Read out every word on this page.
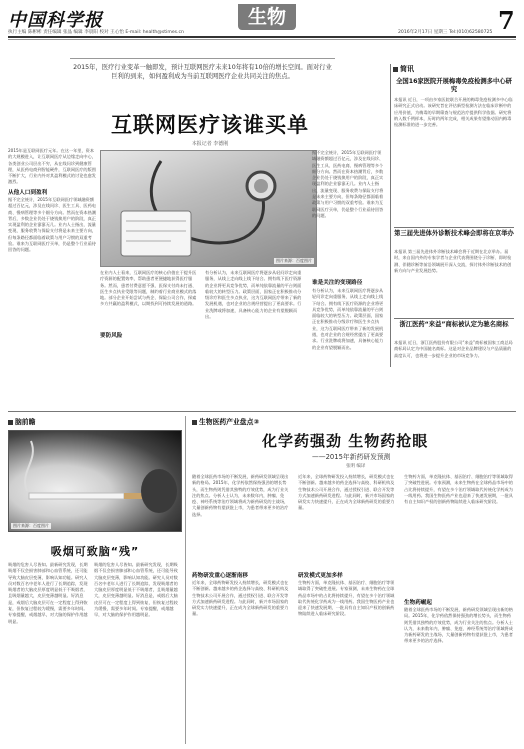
中国科学报	生物	7
执行主编 陈彬彬 责任编辑 张晶 编辑 李晨阳 校对 王心怡 E-mail: health@stimes.cn	2016年2月17日 星期三 Tel:(010)62580725
2015年，医疗行业变革一触即发，预计互联网医疗未来10年将有10倍的增长空间。面对行业巨利的到来，如何盈利成为当前互联网医疗企业共同关注的焦点。
互联网医疗该谁买单
本报记者 李德刚
图片来源：百度图片
2015年是互联网医疗元年。在这一年里，资本的大规模进入，让互联网医疗从边缘走向中心，各类创业公司层出不穷，从在线问诊到健康管理，从医药电商到智能硬件，互联网医疗的版图不断扩大，行业内外对其盈利模式的讨论也愈发激烈。
从他人口到盈利
据不完全统计，2015年互联网医疗领域融资额超过百亿元，涉及在线问诊、医生工具、医药电商、慢病管理等多个细分方向。然而在资本热潮背后，多数企业仍处于烧钱换用户的阶段，真正实现盈利的企业寥寥无几。业内人士指出，流量变现、服务收费与保险支付将是未来主要方向，但每条路径都面临着政策与用户习惯的双重考验。谁来为互联网医疗买单，仍是整个行业亟待回答的问题。
在业内人士看来，互联网医疗的核心价值在于提升医疗资源的配置效率，帮助患者更便捷地获得医疗服务。然而，患者付费意愿不强、医保支付尚未打通、医生多点执业受限等问题，制约着行业商业模式的落地。部分企业开始尝试与药企、保险公司合作，探索多方共赢的盈利模式，以期找到可持续发展的道路。
要防风险
有分析认为，未来互联网医疗将逐步从轻问诊走向重服务，从线上走向线上线下结合。拥有线下医疗资源的企业将更具竞争优势，而单纯依靠流量的平台则面临较大的转型压力。政策层面，国家正在积极推动分级诊疗和医生多点执业，这为互联网医疗带来了新的发展机遇，也对企业的合规经营提出了更高要求。行业洗牌或将加速，具备核心能力的企业有望脱颖而出。
谁是关注的变现路径
据不完全统计，2015年互联网医疗领域融资额超过百亿元，涉及在线问诊、医生工具、医药电商、慢病管理等多个细分方向。然而在资本热潮背后，多数企业仍处于烧钱换用户的阶段，真正实现盈利的企业寥寥无几。业内人士指出，流量变现、服务收费与保险支付将是未来主要方向，但每条路径都面临着政策与用户习惯的双重考验。谁来为互联网医疗买单，仍是整个行业亟待回答的问题。
有分析认为，未来互联网医疗将逐步从轻问诊走向重服务，从线上走向线上线下结合。拥有线下医疗资源的企业将更具竞争优势，而单纯依靠流量的平台则面临较大的转型压力。政策层面，国家正在积极推动分级诊疗和医生多点执业，这为互联网医疗带来了新的发展机遇，也对企业的合规经营提出了更高要求。行业洗牌或将加速，具备核心能力的企业有望脱颖而出。
简讯
全国16家医院开展梅毒免疫检测多中心研究
本报讯 近日，一项由多家医院联合开展的梅毒免疫检测多中心临床研究正式启动。该研究旨在评估新型检测方法在临床诊断中的应用价值，为梅毒的早期筛查与规范治疗提供科学依据。研究将纳入数千例样本，历时约两年完成，相关成果有望推动国内梅毒检测标准的进一步完善。
第三届先进体外诊断技术峰会即将在京举办
本报讯 第三届先进体外诊断技术峰会将于近期在北京举办。届时，来自国内外的专家学者与企业代表将围绕分子诊断、即时检测、伴随诊断等前沿领域展开深入交流，探讨体外诊断技术的创新方向与产业发展趋势。
浙江医药“来益”商标被认定为驰名商标
本报讯 近日，浙江医药股份有限公司“来益”商标被国家工商总局商标局认定为中国驰名商标。这是对企业品牌建设与产品质量的高度认可，也将进一步提升企业的市场竞争力。
脑前瞻
图片来源：百度图片
吸烟可致脑“残”
吸烟的危害人尽皆知。最新研究发现，长期吸烟不仅会损害肺部和心血管系统，还可能导致大脑皮层变薄，影响认知功能。研究人员对数百名中老年人进行了长期追踪，发现吸烟者的大脑皮层厚度明显低于不吸烟者，且吸烟量越大，皮层变薄越明显。好消息是，戒烟后大脑皮层可在一定程度上得到恢复，但恢复过程较为缓慢，需要多年时间。专家提醒，戒烟越早，对大脑的保护作用越明显。
吸烟的危害人尽皆知。最新研究发现，长期吸烟不仅会损害肺部和心血管系统，还可能导致大脑皮层变薄，影响认知功能。研究人员对数百名中老年人进行了长期追踪，发现吸烟者的大脑皮层厚度明显低于不吸烟者，且吸烟量越大，皮层变薄越明显。好消息是，戒烟后大脑皮层可在一定程度上得到恢复，但恢复过程较为缓慢，需要多年时间。专家提醒，戒烟越早，对大脑的保护作用越明显。
生物医药产业盘点③
化学药强劲 生物药抢眼
——2015年新药研发预测
张明 编译
随着全球医药市场的不断发展，新药研发领域呈现出新的格局。2015年，化学药依然保持强劲的增长势头，而生物药则凭借其独特的疗效优势，成为行业关注的焦点。分析人士认为，未来数年内，肿瘤、免疫、神经系统等治疗领域将成为新药研发的主战场，大量创新药物有望获批上市，为患者带来更多的治疗选择。
药物研发重心逐渐南移
近年来，全球药物研发投入持续增长，研发模式也在不断创新。越来越多的药企选择与高校、科研机构及生物技术公司开展合作，通过授权引进、联合开发等方式加速新药研发进程。与此同时，新兴市场国家的研发实力快速提升，正在成为全球新药研发的重要力量。
近年来，全球药物研发投入持续增长，研发模式也在不断创新。越来越多的药企选择与高校、科研机构及生物技术公司开展合作，通过授权引进、联合开发等方式加速新药研发进程。与此同时，新兴市场国家的研发实力快速提升，正在成为全球新药研发的重要力量。
研发模式更加多样
生物药方面，单克隆抗体、基因治疗、细胞治疗等领域取得了突破性进展。专家预测，未来生物药在全球药品市场中的占比将持续提升，有望在多个治疗领域取代传统化学药成为一线用药。我国生物医药产业也迎来了快速发展期，一批具有自主知识产权的创新药物陆续进入临床研究阶段。
生物药方面，单克隆抗体、基因治疗、细胞治疗等领域取得了突破性进展。专家预测，未来生物药在全球药品市场中的占比将持续提升，有望在多个治疗领域取代传统化学药成为一线用药。我国生物医药产业也迎来了快速发展期，一批具有自主知识产权的创新药物陆续进入临床研究阶段。
生物药崛起
随着全球医药市场的不断发展，新药研发领域呈现出新的格局。2015年，化学药依然保持强劲的增长势头，而生物药则凭借其独特的疗效优势，成为行业关注的焦点。分析人士认为，未来数年内，肿瘤、免疫、神经系统等治疗领域将成为新药研发的主战场，大量创新药物有望获批上市，为患者带来更多的治疗选择。
